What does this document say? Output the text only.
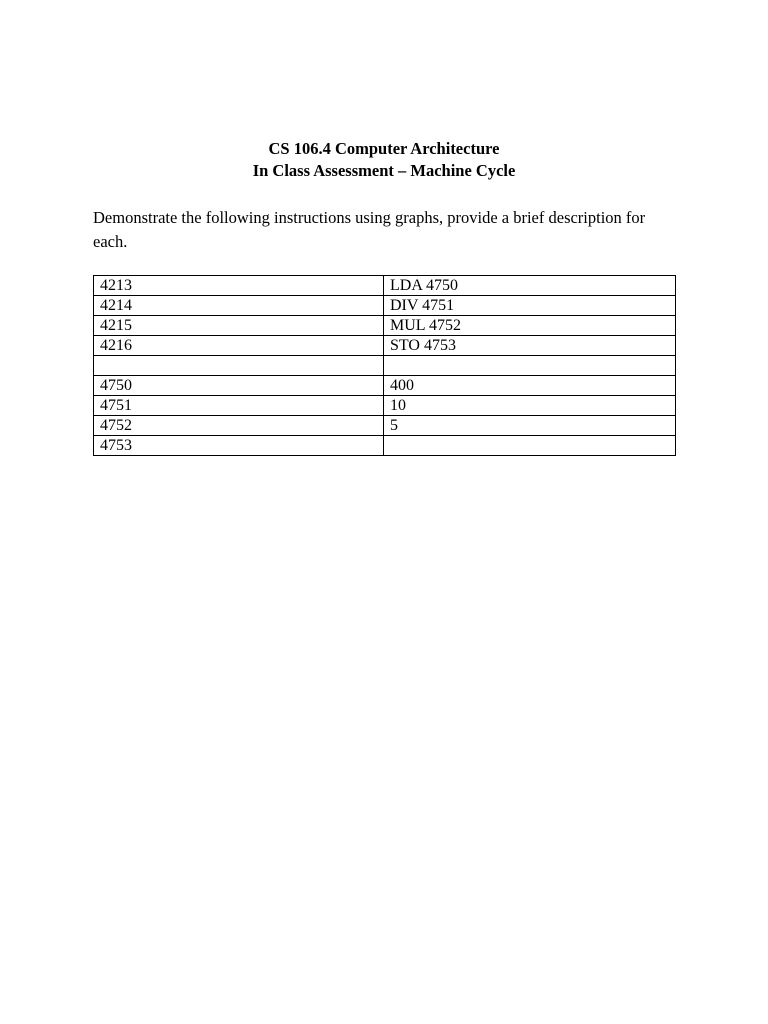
CS 106.4 Computer Architecture
In Class Assessment – Machine Cycle
Demonstrate the following instructions using graphs, provide a brief description for each.
4213	LDA 4750
4214	DIV 4751
4215	MUL 4752
4216	STO 4753

4750	400
4751	10
4752	5
4753	
